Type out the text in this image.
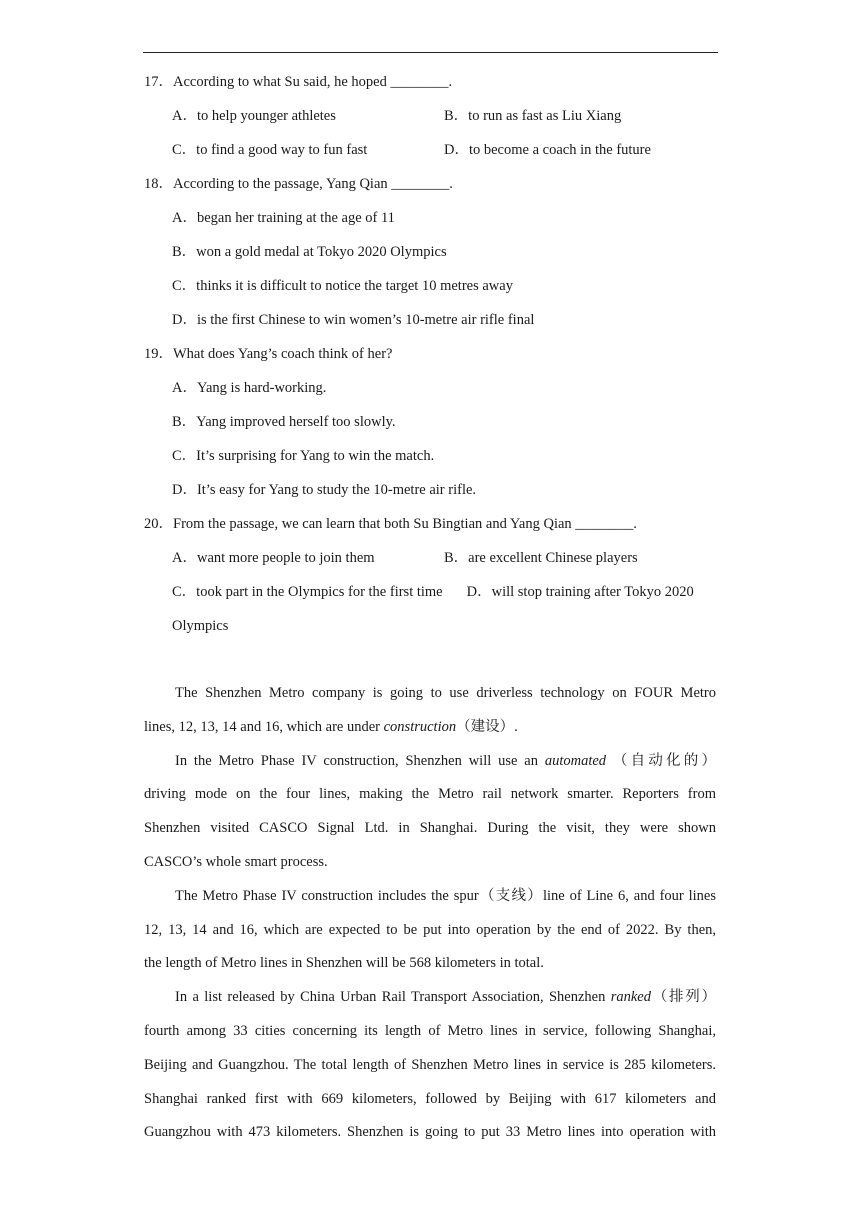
17．According to what Su said, he hoped ________.
A．to help younger athletes	B．to run as fast as Liu Xiang
C．to find a good way to fun fast	D．to become a coach in the future
18．According to the passage, Yang Qian ________.
A．began her training at the age of 11
B．won a gold medal at Tokyo 2020 Olympics
C．thinks it is difficult to notice the target 10 metres away
D．is the first Chinese to win women’s 10-metre air rifle final
19．What does Yang’s coach think of her?
A．Yang is hard-working.
B．Yang improved herself too slowly.
C．It’s surprising for Yang to win the match.
D．It’s easy for Yang to study the 10-metre air rifle.
20．From the passage, we can learn that both Su Bingtian and Yang Qian ________.
A．want more people to join them	B．are excellent Chinese players
C．took part in the Olympics for the first time D．will stop training after Tokyo 2020
Olympics

The Shenzhen Metro company is going to use driverless technology on FOUR Metro
lines, 12, 13, 14 and 16, which are under construction（建设）.

In the Metro Phase IV construction, Shenzhen will use an automated （自动化的）
driving mode on the four lines, making the Metro rail network smarter. Reporters from
Shenzhen visited CASCO Signal Ltd. in Shanghai. During the visit, they were shown
CASCO’s whole smart process.

The Metro Phase IV construction includes the spur（支线）line of Line 6, and four lines
12, 13, 14 and 16, which are expected to be put into operation by the end of 2022. By then,
the length of Metro lines in Shenzhen will be 568 kilometers in total.

In a list released by China Urban Rail Transport Association, Shenzhen ranked（排列）
fourth among 33 cities concerning its length of Metro lines in service, following Shanghai,
Beijing and Guangzhou. The total length of Shenzhen Metro lines in service is 285 kilometers.
Shanghai ranked first with 669 kilometers, followed by Beijing with 617 kilometers and
Guangzhou with 473 kilometers. Shenzhen is going to put 33 Metro lines into operation with
